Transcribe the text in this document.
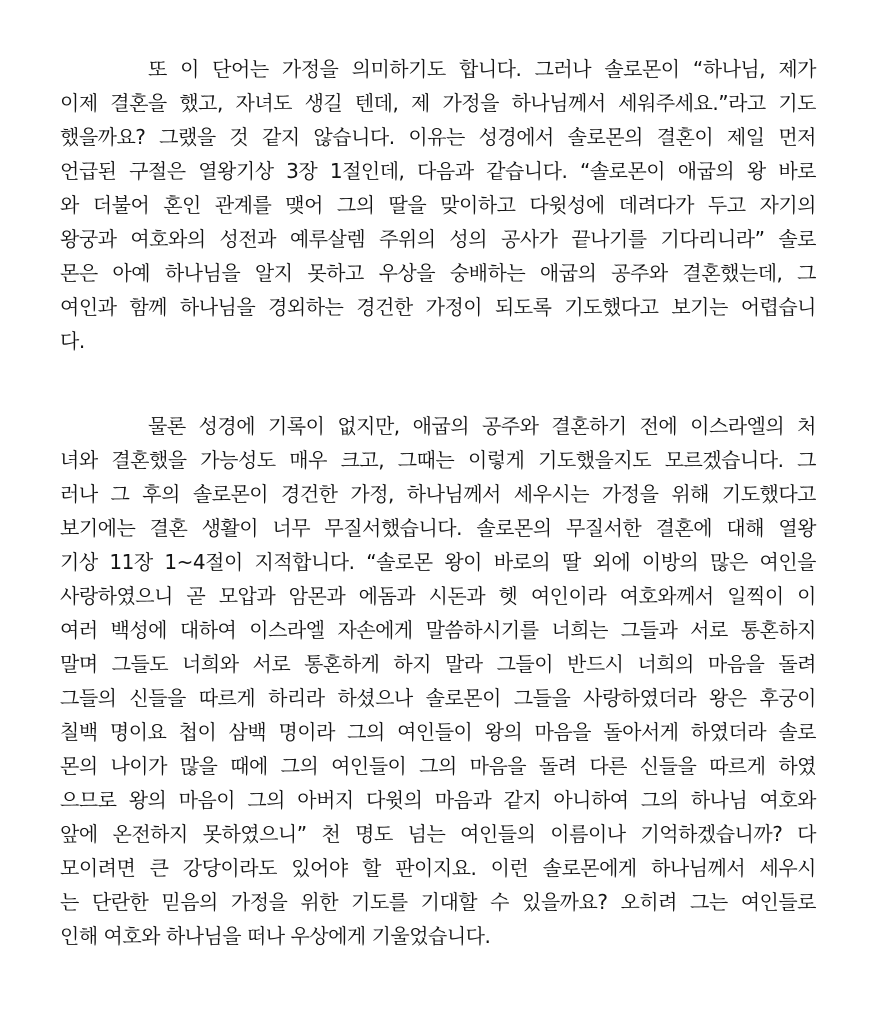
또 이 단어는 가정을 의미하기도 합니다. 그러나 솔로몬이 “하나님, 제가
이제 결혼을 했고, 자녀도 생길 텐데, 제 가정을 하나님께서 세워주세요.”라고 기도
했을까요? 그랬을 것 같지 않습니다. 이유는 성경에서 솔로몬의 결혼이 제일 먼저
언급된 구절은 열왕기상 3장 1절인데, 다음과 같습니다. “솔로몬이 애굽의 왕 바로
와 더불어 혼인 관계를 맺어 그의 딸을 맞이하고 다윗성에 데려다가 두고 자기의
왕궁과 여호와의 성전과 예루살렘 주위의 성의 공사가 끝나기를 기다리니라” 솔로
몬은 아예 하나님을 알지 못하고 우상을 숭배하는 애굽의 공주와 결혼했는데, 그
여인과 함께 하나님을 경외하는 경건한 가정이 되도록 기도했다고 보기는 어렵습니
다.
물론 성경에 기록이 없지만, 애굽의 공주와 결혼하기 전에 이스라엘의 처
녀와 결혼했을 가능성도 매우 크고, 그때는 이렇게 기도했을지도 모르겠습니다. 그
러나 그 후의 솔로몬이 경건한 가정, 하나님께서 세우시는 가정을 위해 기도했다고
보기에는 결혼 생활이 너무 무질서했습니다. 솔로몬의 무질서한 결혼에 대해 열왕
기상 11장 1~4절이 지적합니다. “솔로몬 왕이 바로의 딸 외에 이방의 많은 여인을
사랑하였으니 곧 모압과 암몬과 에돔과 시돈과 헷 여인이라 여호와께서 일찍이 이
여러 백성에 대하여 이스라엘 자손에게 말씀하시기를 너희는 그들과 서로 통혼하지
말며 그들도 너희와 서로 통혼하게 하지 말라 그들이 반드시 너희의 마음을 돌려
그들의 신들을 따르게 하리라 하셨으나 솔로몬이 그들을 사랑하였더라 왕은 후궁이
칠백 명이요 첩이 삼백 명이라 그의 여인들이 왕의 마음을 돌아서게 하였더라 솔로
몬의 나이가 많을 때에 그의 여인들이 그의 마음을 돌려 다른 신들을 따르게 하였
으므로 왕의 마음이 그의 아버지 다윗의 마음과 같지 아니하여 그의 하나님 여호와
앞에 온전하지 못하였으니” 천 명도 넘는 여인들의 이름이나 기억하겠습니까? 다
모이려면 큰 강당이라도 있어야 할 판이지요. 이런 솔로몬에게 하나님께서 세우시
는 단란한 믿음의 가정을 위한 기도를 기대할 수 있을까요? 오히려 그는 여인들로
인해 여호와 하나님을 떠나 우상에게 기울었습니다.
